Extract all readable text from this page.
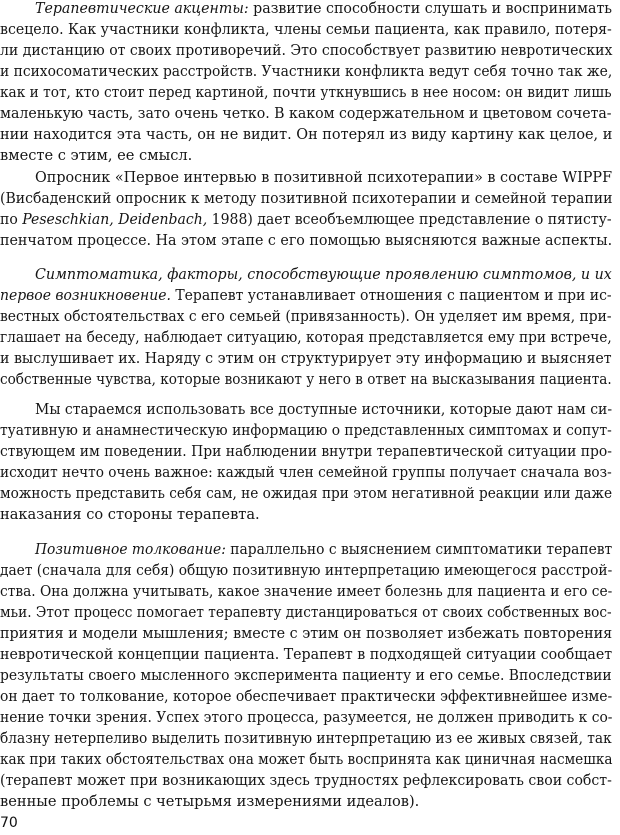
Терапевтические акценты: развитие способности слушать и воспринимать
всецело. Как участники конфликта, члены семьи пациента, как правило, потеря-
ли дистанцию от своих противоречий. Это способствует развитию невротических
и психосоматических расстройств. Участники конфликта ведут себя точно так же,
как и тот, кто стоит перед картиной, почти уткнувшись в нее носом: он видит лишь
маленькую часть, зато очень четко. В каком содержательном и цветовом сочета-
нии находится эта часть, он не видит. Он потерял из виду картину как целое, и
вместе с этим, ее смысл.
Опросник «Первое интервью в позитивной психотерапии» в составе WIPPF
(Висбаденский опросник к методу позитивной психотерапии и семейной терапии
по Peseschkian, Deidenbach, 1988) дает всеобъемлющее представление о пятисту-
пенчатом процессе. На этом этапе с его помощью выясняются важные аспекты.
Симптоматика, факторы, способствующие проявлению симптомов, и их
первое возникновение. Терапевт устанавливает отношения с пациентом и при ис-
вестных обстоятельствах с его семьей (привязанность). Он уделяет им время, при-
глашает на беседу, наблюдает ситуацию, которая представляется ему при встрече,
и выслушивает их. Наряду с этим он структурирует эту информацию и выясняет
собственные чувства, которые возникают у него в ответ на высказывания пациента.
Мы стараемся использовать все доступные источники, которые дают нам си-
туативную и анамнестическую информацию о представленных симптомах и сопут-
ствующем им поведении. При наблюдении внутри терапевтической ситуации про-
исходит нечто очень важное: каждый член семейной группы получает сначала воз-
можность представить себя сам, не ожидая при этом негативной реакции или даже
наказания со стороны терапевта.
Позитивное толкование: параллельно с выяснением симптоматики терапевт
дает (сначала для себя) общую позитивную интерпретацию имеющегося расстрой-
ства. Она должна учитывать, какое значение имеет болезнь для пациента и его се-
мьи. Этот процесс помогает терапевту дистанцироваться от своих собственных вос-
приятия и модели мышления; вместе с этим он позволяет избежать повторения
невротической концепции пациента. Терапевт в подходящей ситуации сообщает
результаты своего мысленного эксперимента пациенту и его семье. Впоследствии
он дает то толкование, которое обеспечивает практически эффективнейшее изме-
нение точки зрения. Успех этого процесса, разумеется, не должен приводить к со-
блазну нетерпеливо выделить позитивную интерпретацию из ее живых связей, так
как при таких обстоятельствах она может быть воспринята как циничная насмешка
(терапевт может при возникающих здесь трудностях рефлексировать свои собст-
венные проблемы с четырьмя измерениями идеалов).
70
